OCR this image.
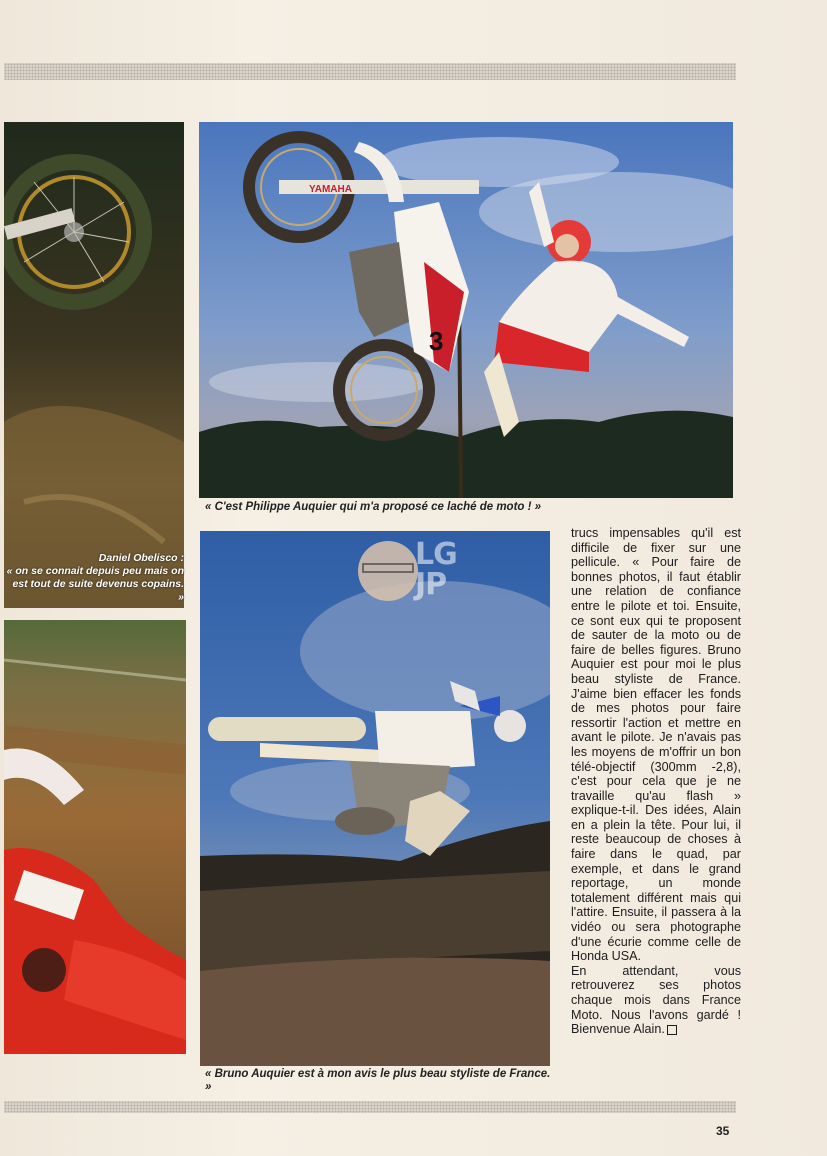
Daniel Obelisco :
« on se connait depuis peu mais on est tout de suite devenus copains. »
YAMAHA
3
« C'est Philippe Auquier qui m'a proposé ce laché de moto ! »
LG
JP
« Bruno Auquier est à mon avis le plus beau styliste de France. »

trucs impensables qu'il est difficile de fixer sur une pellicule. « Pour faire de bonnes photos, il faut établir une relation de confiance entre le pilote et toi. Ensuite, ce sont eux qui te proposent de sauter de la moto ou de faire de belles figures. Bruno Auquier est pour moi le plus beau styliste de France. J'aime bien effacer les fonds de mes photos pour faire ressortir l'action et mettre en avant le pilote. Je n'avais pas les moyens de m'offrir un bon télé-objectif (300mm -2,8), c'est pour cela que je ne travaille qu'au flash » explique-t-il. Des idées, Alain en a plein la tête. Pour lui, il reste beaucoup de choses à faire dans le quad, par exemple, et dans le grand reportage, un monde totalement différent mais qui l'attire. Ensuite, il passera à la vidéo ou sera photographe d'une écurie comme celle de Honda USA.

En attendant, vous retrouverez ses photos chaque mois dans France Moto. Nous l'avons gardé ! Bienvenue Alain.

35
